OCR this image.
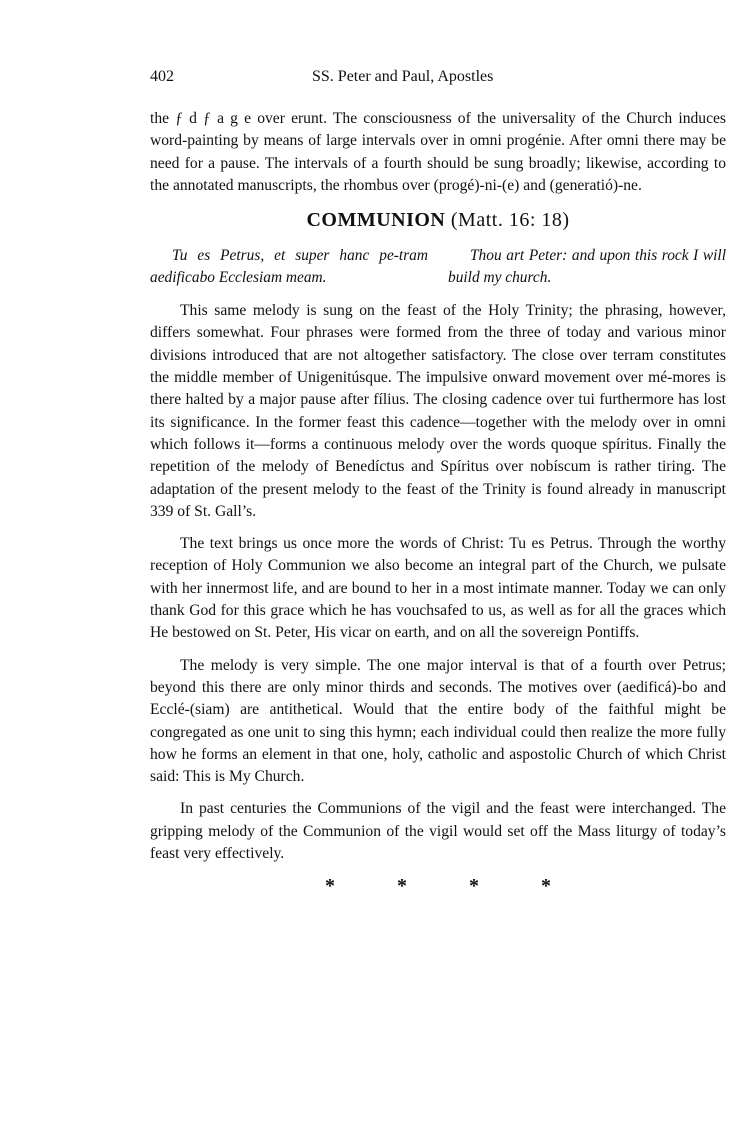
402	SS. Peter and Paul, Apostles

the ƒ d ƒ a g e over erunt. The consciousness of the universality of the Church induces word-painting by means of large intervals over in omni progénie. After omni there may be need for a pause. The intervals of a fourth should be sung broadly; likewise, according to the annotated manuscripts, the rhombus over (progé)-ni-(e) and (generatió)-ne.

COMMUNION (Matt. 16: 18)
Tu es Petrus, et super hanc pe-tram aedificabo Ecclesiam meam.
Thou art Peter: and upon this rock I will build my church.

This same melody is sung on the feast of the Holy Trinity; the phrasing, however, differs somewhat. Four phrases were formed from the three of today and various minor divisions introduced that are not altogether satisfactory. The close over terram constitutes the middle member of Unigenitúsque. The impulsive onward movement over mé-mores is there halted by a major pause after fílius. The closing cadence over tui furthermore has lost its significance. In the former feast this cadence—together with the melody over in omni which follows it—forms a continuous melody over the words quoque spíritus. Finally the repetition of the melody of Benedíctus and Spíritus over nobíscum is rather tiring. The adaptation of the present melody to the feast of the Trinity is found already in manuscript 339 of St. Gall’s.

The text brings us once more the words of Christ: Tu es Petrus. Through the worthy reception of Holy Communion we also become an integral part of the Church, we pulsate with her innermost life, and are bound to her in a most intimate manner. Today we can only thank God for this grace which he has vouchsafed to us, as well as for all the graces which He bestowed on St. Peter, His vicar on earth, and on all the sovereign Pontiffs.

The melody is very simple. The one major interval is that of a fourth over Petrus; beyond this there are only minor thirds and seconds. The motives over (aedificá)-bo and Ecclé-(siam) are antithetical. Would that the entire body of the faithful might be congregated as one unit to sing this hymn; each individual could then realize the more fully how he forms an element in that one, holy, catholic and aspostolic Church of which Christ said: This is My Church.

In past centuries the Communions of the vigil and the feast were interchanged. The gripping melody of the Communion of the vigil would set off the Mass liturgy of today’s feast very effectively.

*	*	*	*
